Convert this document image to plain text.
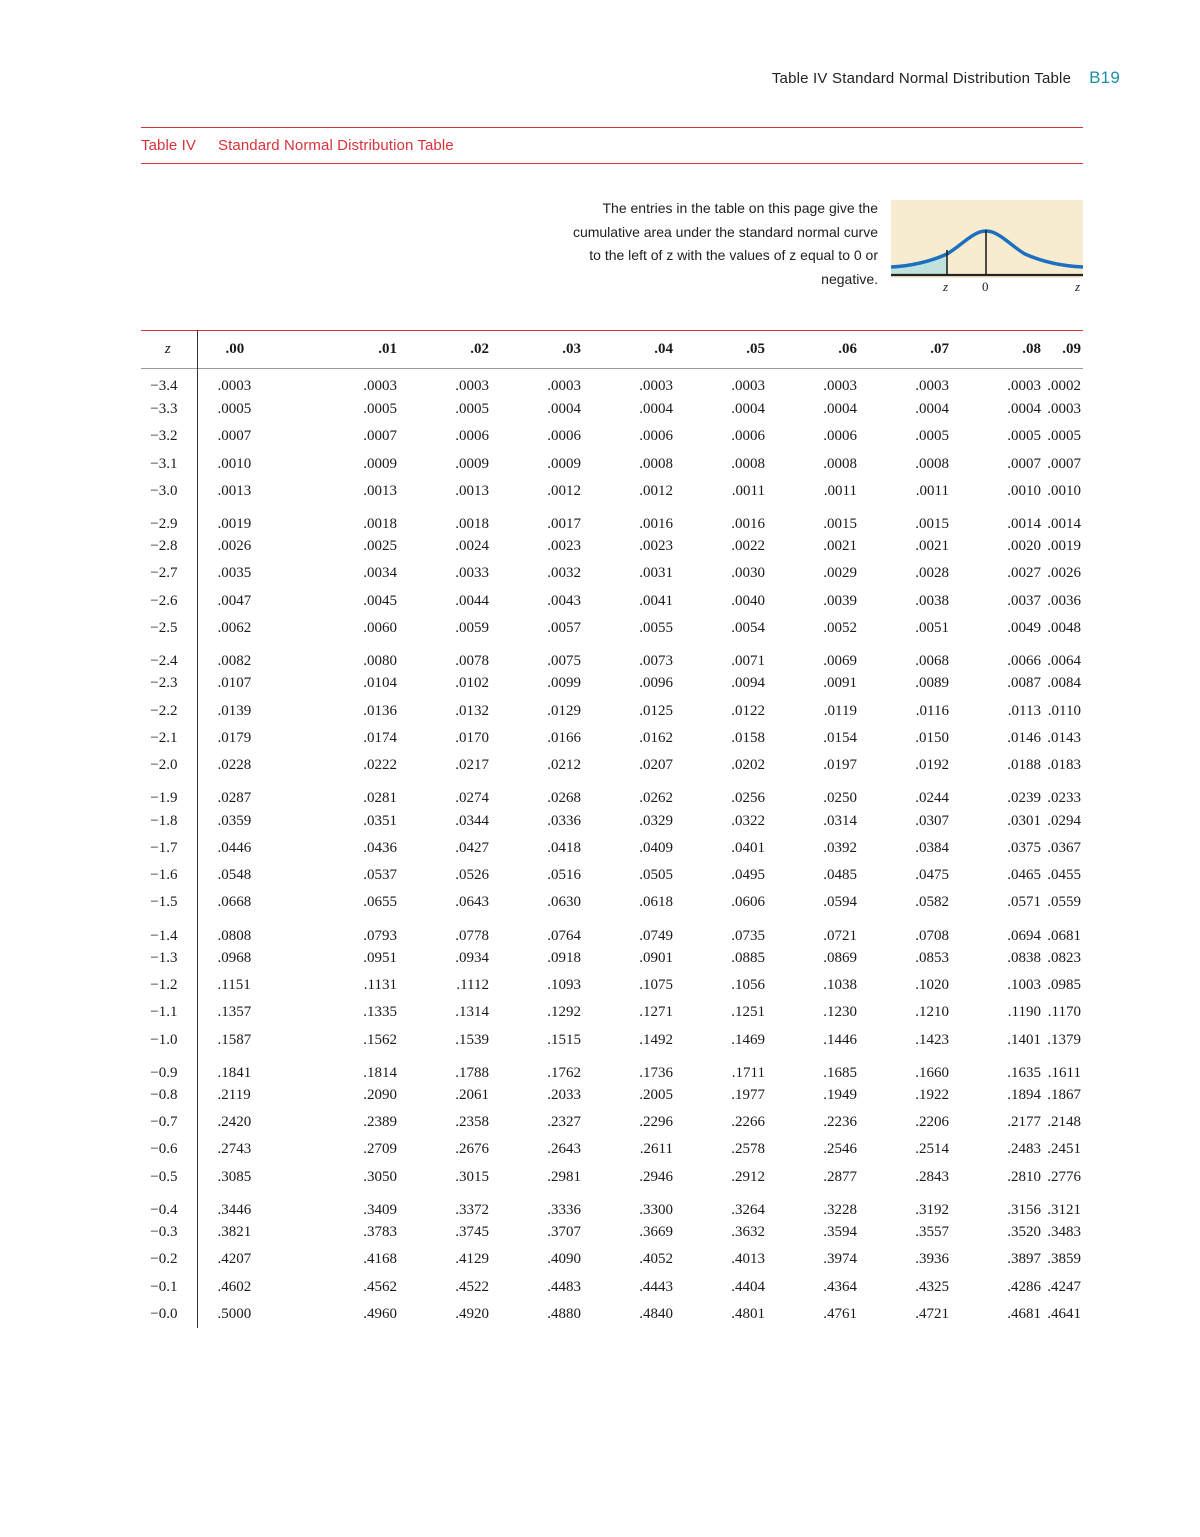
Table IV Standard Normal Distribution Table B19
Table IV Standard Normal Distribution Table
The entries in the table on this page give the cumulative area under the standard normal curve to the left of z with the values of z equal to 0 or negative.	z	0	z
z	.00	.01	.02	.03	.04	.05	.06	.07	.08	.09	
−3.4	.0003	.0003	.0003	.0003	.0003	.0003	.0003	.0003	.0003	.0002	
−3.3	.0005	.0005	.0005	.0004	.0004	.0004	.0004	.0004	.0004	.0003	
−3.2	.0007	.0007	.0006	.0006	.0006	.0006	.0006	.0005	.0005	.0005	
−3.1	.0010	.0009	.0009	.0009	.0008	.0008	.0008	.0008	.0007	.0007	
−3.0	.0013	.0013	.0013	.0012	.0012	.0011	.0011	.0011	.0010	.0010	
−2.9	.0019	.0018	.0018	.0017	.0016	.0016	.0015	.0015	.0014	.0014	
−2.8	.0026	.0025	.0024	.0023	.0023	.0022	.0021	.0021	.0020	.0019	
−2.7	.0035	.0034	.0033	.0032	.0031	.0030	.0029	.0028	.0027	.0026	
−2.6	.0047	.0045	.0044	.0043	.0041	.0040	.0039	.0038	.0037	.0036	
−2.5	.0062	.0060	.0059	.0057	.0055	.0054	.0052	.0051	.0049	.0048	
−2.4	.0082	.0080	.0078	.0075	.0073	.0071	.0069	.0068	.0066	.0064	
−2.3	.0107	.0104	.0102	.0099	.0096	.0094	.0091	.0089	.0087	.0084	
−2.2	.0139	.0136	.0132	.0129	.0125	.0122	.0119	.0116	.0113	.0110	
−2.1	.0179	.0174	.0170	.0166	.0162	.0158	.0154	.0150	.0146	.0143	
−2.0	.0228	.0222	.0217	.0212	.0207	.0202	.0197	.0192	.0188	.0183	
−1.9	.0287	.0281	.0274	.0268	.0262	.0256	.0250	.0244	.0239	.0233	
−1.8	.0359	.0351	.0344	.0336	.0329	.0322	.0314	.0307	.0301	.0294	
−1.7	.0446	.0436	.0427	.0418	.0409	.0401	.0392	.0384	.0375	.0367	
−1.6	.0548	.0537	.0526	.0516	.0505	.0495	.0485	.0475	.0465	.0455	
−1.5	.0668	.0655	.0643	.0630	.0618	.0606	.0594	.0582	.0571	.0559	
−1.4	.0808	.0793	.0778	.0764	.0749	.0735	.0721	.0708	.0694	.0681	
−1.3	.0968	.0951	.0934	.0918	.0901	.0885	.0869	.0853	.0838	.0823	
−1.2	.1151	.1131	.1112	.1093	.1075	.1056	.1038	.1020	.1003	.0985	
−1.1	.1357	.1335	.1314	.1292	.1271	.1251	.1230	.1210	.1190	.1170	
−1.0	.1587	.1562	.1539	.1515	.1492	.1469	.1446	.1423	.1401	.1379	
−0.9	.1841	.1814	.1788	.1762	.1736	.1711	.1685	.1660	.1635	.1611	
−0.8	.2119	.2090	.2061	.2033	.2005	.1977	.1949	.1922	.1894	.1867	
−0.7	.2420	.2389	.2358	.2327	.2296	.2266	.2236	.2206	.2177	.2148	
−0.6	.2743	.2709	.2676	.2643	.2611	.2578	.2546	.2514	.2483	.2451	
−0.5	.3085	.3050	.3015	.2981	.2946	.2912	.2877	.2843	.2810	.2776	
−0.4	.3446	.3409	.3372	.3336	.3300	.3264	.3228	.3192	.3156	.3121	
−0.3	.3821	.3783	.3745	.3707	.3669	.3632	.3594	.3557	.3520	.3483	
−0.2	.4207	.4168	.4129	.4090	.4052	.4013	.3974	.3936	.3897	.3859	
−0.1	.4602	.4562	.4522	.4483	.4443	.4404	.4364	.4325	.4286	.4247	
−0.0	.5000	.4960	.4920	.4880	.4840	.4801	.4761	.4721	.4681	.4641	
